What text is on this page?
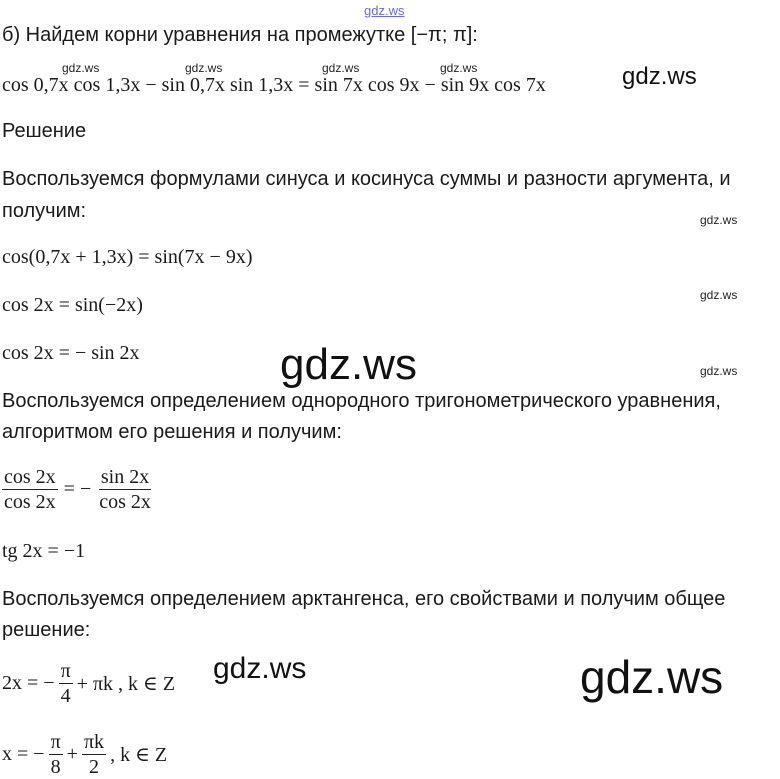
gdz.ws
б) Найдем корни уравнения на промежутке [−π; π]:
gdz.ws	gdz.ws	gdz.ws	gdz.ws
cos 0,7x cos 1,3x − sin 0,7x sin 1,3x = sin 7x cos 9x − sin 9x cos 7x	gdz.ws
Решение
Воспользуемся формулами синуса и косинуса суммы и разности аргумента, и
получим:	gdz.ws
cos(0,7x + 1,3x) = sin(7x − 9x)
gdz.ws
cos 2x = sin(−2x)
cos 2x = − sin 2x	gdz.ws	gdz.ws
Воспользуемся определением однородного тригонометрического уравнения,
алгоритмом его решения и получим:
$\frac{\cos 2x}{\cos 2x}$ = − $\frac{\sin 2x}{\cos 2x}$
tg 2x = −1
Воспользуемся определением арктангенса, его свойствами и получим общее
решение:
2x = − $\frac{\pi}{4} + \pi k$ , k ∈ Z gdz.ws	gdz.ws
x = − $\frac{\pi}{8} + \frac{\pi k}{2}$ , k ∈ Z
